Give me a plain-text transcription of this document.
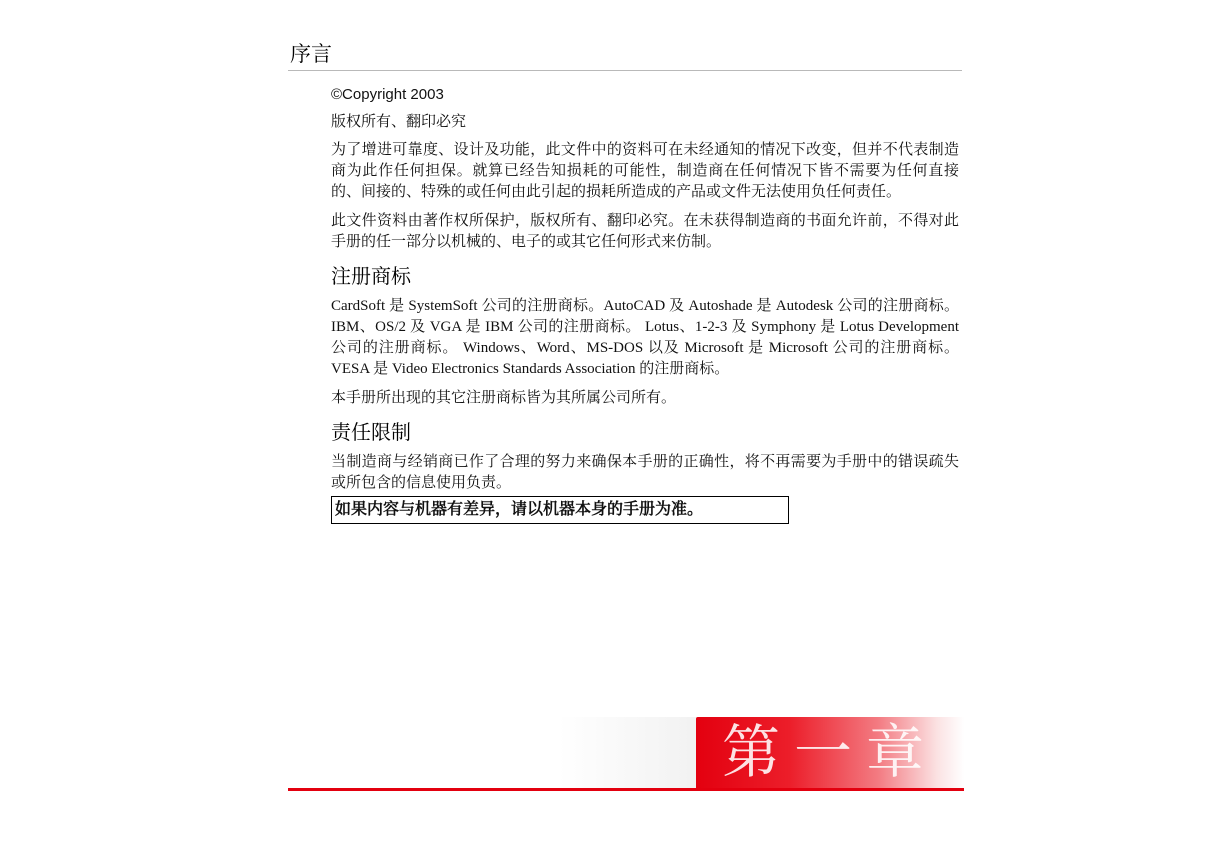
序言

©Copyright 2003

版权所有、翻印必究

为了增进可靠度、设计及功能，此文件中的资料可在未经通知的情况下改变，但并不代表制造商为此作任何担保。就算已经告知损耗的可能性，制造商在任何情况下皆不需要为任何直接的、间接的、特殊的或任何由此引起的损耗所造成的产品或文件无法使用负任何责任。

此文件资料由著作权所保护，版权所有、翻印必究。在未获得制造商的书面允许前，不得对此手册的任一部分以机械的、电子的或其它任何形式来仿制。

注册商标

CardSoft 是 SystemSoft 公司的注册商标。AutoCAD 及 Autoshade 是 Autodesk 公司的注册商标。 IBM、OS/2 及 VGA 是 IBM 公司的注册商标。 Lotus、1-2-3 及 Symphony 是 Lotus Development 公司的注册商标。 Windows、Word、MS-DOS 以及 Microsoft 是 Microsoft 公司的注册商标。VESA 是 Video Electronics Standards Association 的注册商标。

本手册所出现的其它注册商标皆为其所属公司所有。

责任限制

当制造商与经销商已作了合理的努力来确保本手册的正确性，将不再需要为手册中的错误疏失或所包含的信息使用负责。

如果内容与机器有差异，请以机器本身的手册为准。
第一章
